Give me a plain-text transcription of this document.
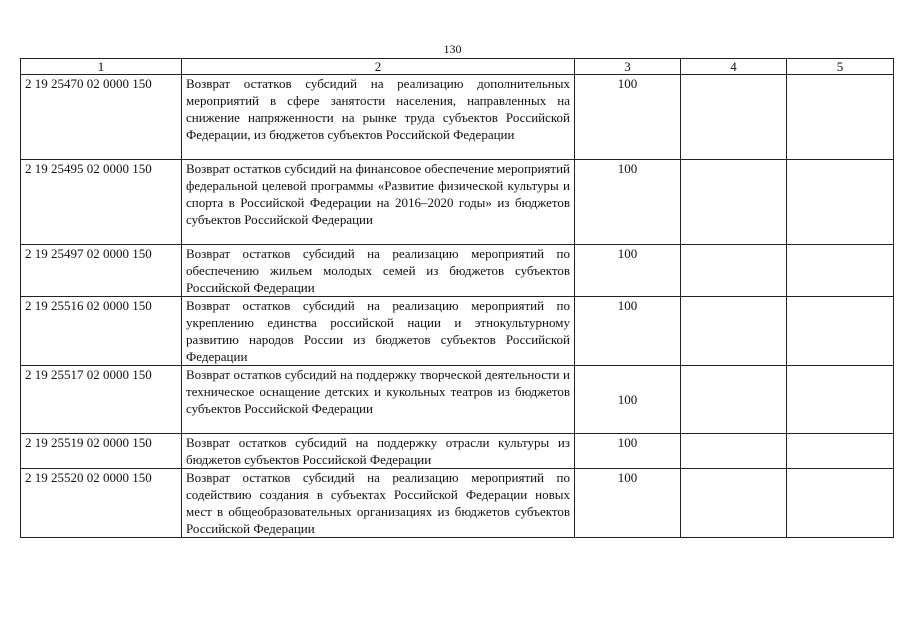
130
1	2	3	4	5
2 19 25470 02 0000 150	Возврат остатков субсидий на реализацию дополнительных мероприятий в сфере занятости населения, направленных на снижение напряженности на рынке труда субъектов Российской Федерации, из бюджетов субъектов Российской Федерации	100		
2 19 25495 02 0000 150	Возврат остатков субсидий на финансовое обеспечение мероприятий федеральной целевой программы «Развитие физической культуры и спорта в Российской Федерации на 2016–2020 годы» из бюджетов субъектов Российской Федерации	100		
2 19 25497 02 0000 150	Возврат остатков субсидий на реализацию мероприятий по обеспечению жильем молодых семей из бюджетов субъектов Российской Федерации	100		
2 19 25516 02 0000 150	Возврат остатков субсидий на реализацию мероприятий по укреплению единства российской нации и этнокультурному развитию народов России из бюджетов субъектов Российской Федерации	100		
2 19 25517 02 0000 150	Возврат остатков субсидий на поддержку творческой деятельности и техническое оснащение детских и кукольных театров из бюджетов субъектов Российской Федерации	100		
2 19 25519 02 0000 150	Возврат остатков субсидий на поддержку отрасли культуры из бюджетов субъектов Российской Федерации	100		
2 19 25520 02 0000 150	Возврат остатков субсидий на реализацию мероприятий по содействию создания в субъектах Российской Федерации новых мест в общеобразовательных организациях из бюджетов субъектов Российской Федерации	100		
